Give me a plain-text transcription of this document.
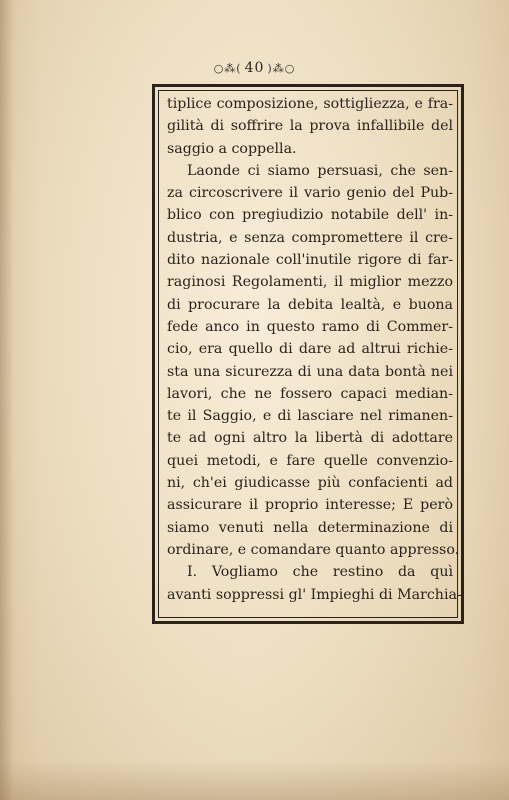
○⁂( 40 )⁂○
tiplice composizione, sottigliezza, e fra-
gilità di soffrire la prova infallibile del
saggio a coppella.
Laonde ci siamo persuasi, che sen-
za circoscrivere il vario genio del Pub-
blico con pregiudizio notabile dell' in-
dustria, e senza compromettere il cre-
dito nazionale coll'inutile rigore di far-
raginosi Regolamenti, il miglior mezzo
di procurare la debita lealtà, e buona
fede anco in questo ramo di Commer-
cio, era quello di dare ad altrui richie-
sta una sicurezza di una data bontà nei
lavori, che ne fossero capaci median-
te il Saggio, e di lasciare nel rimanen-
te ad ogni altro la libertà di adottare
quei metodi, e fare quelle convenzio-
ni, ch'ei giudicasse più confacienti ad
assicurare il proprio interesse; E però
siamo venuti nella determinazione di
ordinare, e comandare quanto appresso.
I. Vogliamo che restino da quì
avanti soppressi gl' Impieghi di Marchia-
